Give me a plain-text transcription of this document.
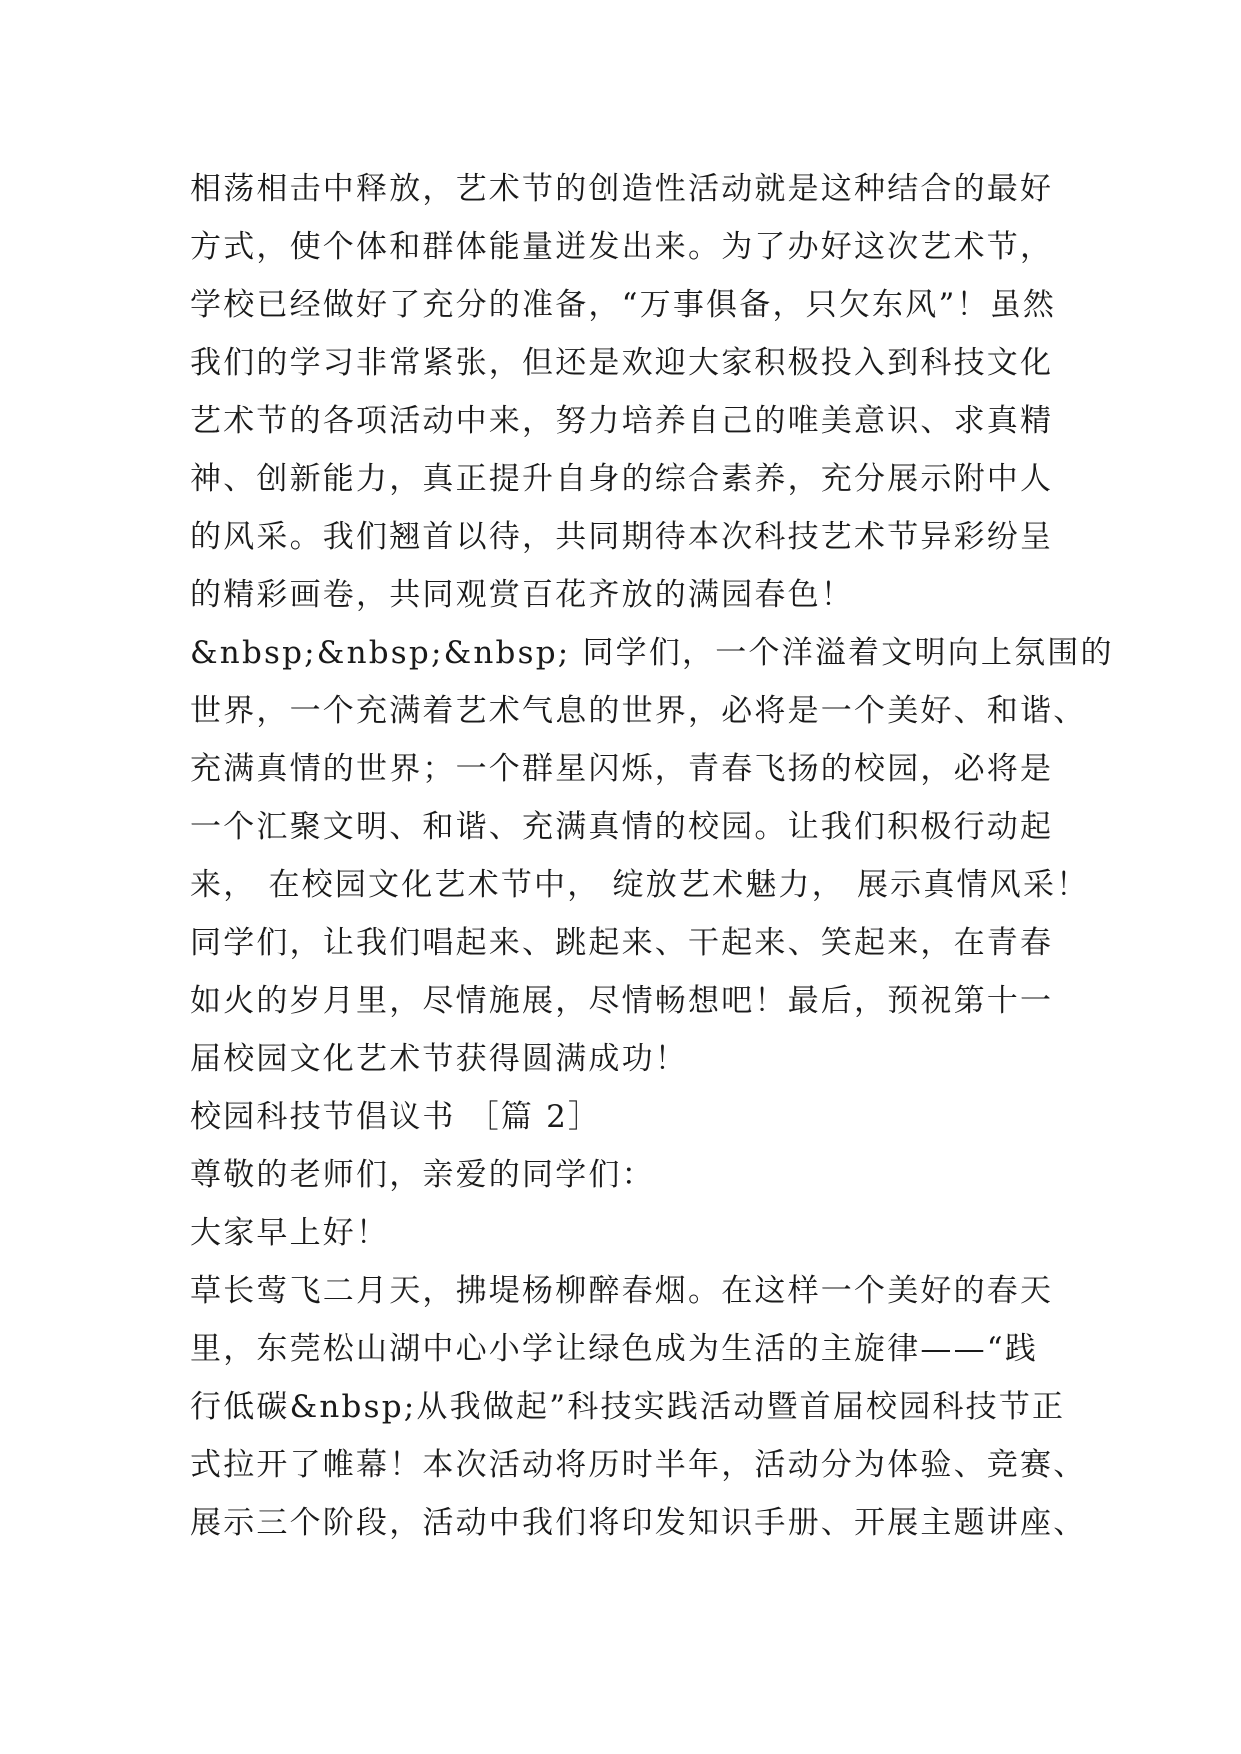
相荡相击中释放，艺术节的创造性活动就是这种结合的最好
方式，使个体和群体能量迸发出来。为了办好这次艺术节，
学校已经做好了充分的准备，“万事俱备，只欠东风”！虽然
我们的学习非常紧张，但还是欢迎大家积极投入到科技文化
艺术节的各项活动中来，努力培养自己的唯美意识、求真精
神、创新能力，真正提升自身的综合素养，充分展示附中人
的风采。我们翘首以待，共同期待本次科技艺术节异彩纷呈
的精彩画卷，共同观赏百花齐放的满园春色！
&nbsp;&nbsp;&nbsp; 同学们，一个洋溢着文明向上氛围的
世界，一个充满着艺术气息的世界，必将是一个美好、和谐、
充满真情的世界；一个群星闪烁，青春飞扬的校园，必将是
一个汇聚文明、和谐、充满真情的校园。让我们积极行动起
来， 在校园文化艺术节中， 绽放艺术魅力， 展示真情风采！
同学们，让我们唱起来、跳起来、干起来、笑起来，在青春
如火的岁月里，尽情施展，尽情畅想吧！最后，预祝第十一
届校园文化艺术节获得圆满成功！
校园科技节倡议书 ［篇 2］
尊敬的老师们，亲爱的同学们：
大家早上好！
草长莺飞二月天，拂堤杨柳醉春烟。在这样一个美好的春天
里，东莞松山湖中心小学让绿色成为生活的主旋律——“践
行低碳&nbsp;从我做起”科技实践活动暨首届校园科技节正
式拉开了帷幕！本次活动将历时半年，活动分为体验、竞赛、
展示三个阶段，活动中我们将印发知识手册、开展主题讲座、
